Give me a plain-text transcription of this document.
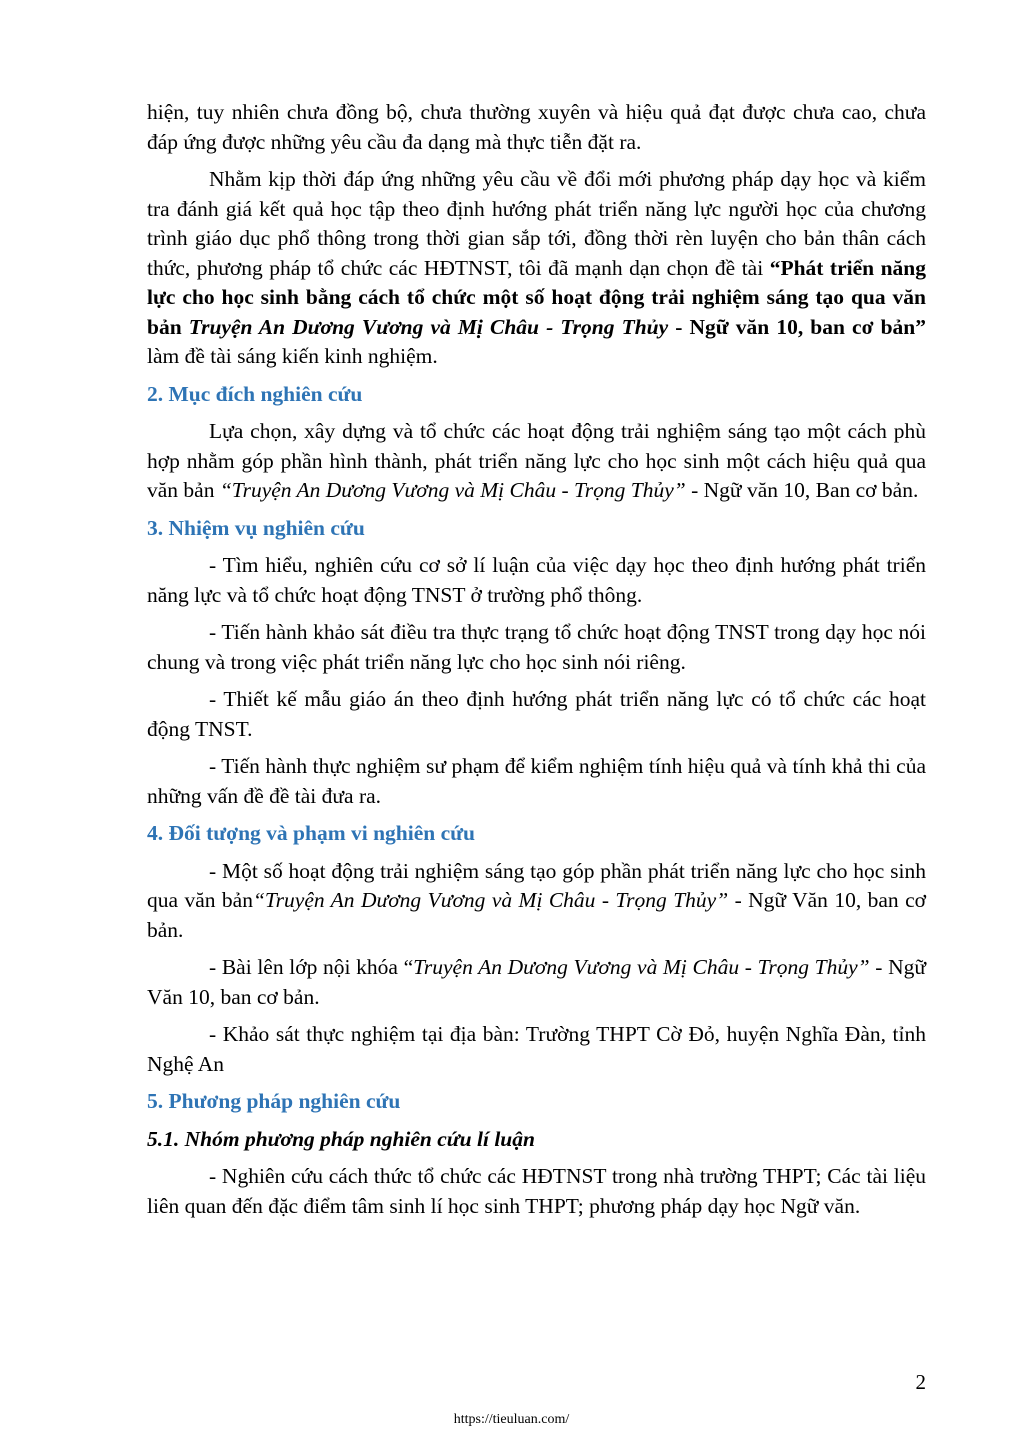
hiện, tuy nhiên chưa đồng bộ, chưa thường xuyên và hiệu quả đạt được chưa cao, chưa đáp ứng được những yêu cầu đa dạng mà thực tiễn đặt ra.

Nhằm kịp thời đáp ứng những yêu cầu về đổi mới phương pháp dạy học và kiểm tra đánh giá kết quả học tập theo định hướng phát triển năng lực người học của chương trình giáo dục phổ thông trong thời gian sắp tới, đồng thời rèn luyện cho bản thân cách thức, phương pháp tổ chức các HĐTNST, tôi đã mạnh dạn chọn đề tài “Phát triển năng lực cho học sinh bằng cách tổ chức một số hoạt động trải nghiệm sáng tạo qua văn bản Truyện An Dương Vương và Mị Châu - Trọng Thủy - Ngữ văn 10, ban cơ bản” làm đề tài sáng kiến kinh nghiệm.

2. Mục đích nghiên cứu

Lựa chọn, xây dựng và tổ chức các hoạt động trải nghiệm sáng tạo một cách phù hợp nhằm góp phần hình thành, phát triển năng lực cho học sinh một cách hiệu quả qua văn bản “Truyện An Dương Vương và Mị Châu - Trọng Thủy” - Ngữ văn 10, Ban cơ bản.

3. Nhiệm vụ nghiên cứu

- Tìm hiểu, nghiên cứu cơ sở lí luận của việc dạy học theo định hướng phát triển năng lực và tổ chức hoạt động TNST ở trường phổ thông.

- Tiến hành khảo sát điều tra thực trạng tổ chức hoạt động TNST trong dạy học nói chung và trong việc phát triển năng lực cho học sinh nói riêng.

- Thiết kế mẫu giáo án theo định hướng phát triển năng lực có tổ chức các hoạt động TNST.

- Tiến hành thực nghiệm sư phạm để kiểm nghiệm tính hiệu quả và tính khả thi của những vấn đề đề tài đưa ra.

4. Đối tượng và phạm vi nghiên cứu

- Một số hoạt động trải nghiệm sáng tạo góp phần phát triển năng lực cho học sinh qua văn bản“Truyện An Dương Vương và Mị Châu - Trọng Thủy” - Ngữ Văn 10, ban cơ bản.

- Bài lên lớp nội khóa “Truyện An Dương Vương và Mị Châu - Trọng Thủy” - Ngữ Văn 10, ban cơ bản.

- Khảo sát thực nghiệm tại địa bàn: Trường THPT Cờ Đỏ, huyện Nghĩa Đàn, tỉnh Nghệ An

5. Phương pháp nghiên cứu
5.1. Nhóm phương pháp nghiên cứu lí luận

- Nghiên cứu cách thức tổ chức các HĐTNST trong nhà trường THPT; Các tài liệu liên quan đến đặc điểm tâm sinh lí học sinh THPT; phương pháp dạy học Ngữ văn.

2
https://tieuluan.com/
